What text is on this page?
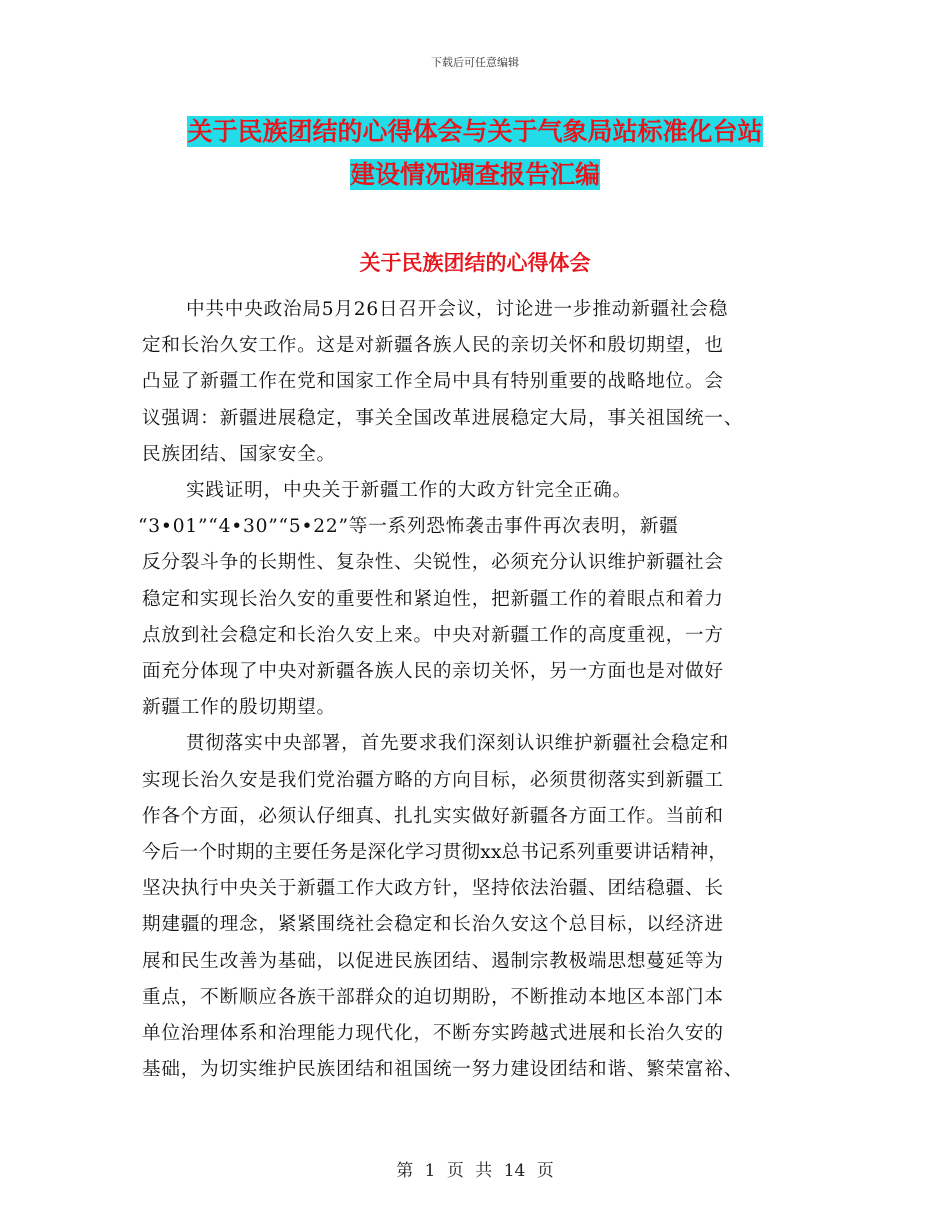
下载后可任意编辑
关于民族团结的心得体会与关于气象局站标准化台站
建设情况调查报告汇编
关于民族团结的心得体会
中共中央政治局5月26日召开会议，讨论进一步推动新疆社会稳
定和长治久安工作。这是对新疆各族人民的亲切关怀和殷切期望，也
凸显了新疆工作在党和国家工作全局中具有特别重要的战略地位。会
议强调：新疆进展稳定，事关全国改革进展稳定大局，事关祖国统一、
民族团结、国家安全。
实践证明，中央关于新疆工作的大政方针完全正确。
“3•01”“4•30”“5•22”等一系列恐怖袭击事件再次表明，新疆
反分裂斗争的长期性、复杂性、尖锐性，必须充分认识维护新疆社会
稳定和实现长治久安的重要性和紧迫性，把新疆工作的着眼点和着力
点放到社会稳定和长治久安上来。中央对新疆工作的高度重视，一方
面充分体现了中央对新疆各族人民的亲切关怀，另一方面也是对做好
新疆工作的殷切期望。
贯彻落实中央部署，首先要求我们深刻认识维护新疆社会稳定和
实现长治久安是我们党治疆方略的方向目标，必须贯彻落实到新疆工
作各个方面，必须认仔细真、扎扎实实做好新疆各方面工作。当前和
今后一个时期的主要任务是深化学习贯彻xx总书记系列重要讲话精神，
坚决执行中央关于新疆工作大政方针，坚持依法治疆、团结稳疆、长
期建疆的理念，紧紧围绕社会稳定和长治久安这个总目标，以经济进
展和民生改善为基础，以促进民族团结、遏制宗教极端思想蔓延等为
重点，不断顺应各族干部群众的迫切期盼，不断推动本地区本部门本
单位治理体系和治理能力现代化，不断夯实跨越式进展和长治久安的
基础，为切实维护民族团结和祖国统一努力建设团结和谐、繁荣富裕、
第 1 页 共 14 页
